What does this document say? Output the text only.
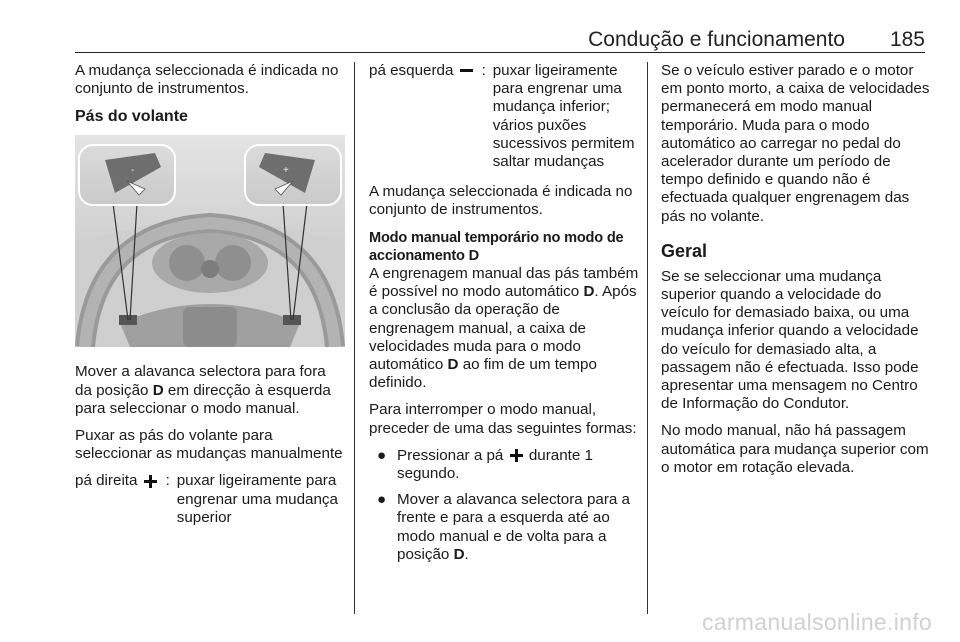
Condução e funcionamento 185

A mudança seleccionada é indicada no conjunto de instrumentos.

Pás do volante
-	+

Mover a alavanca selectora para fora da posição D em direcção à esquerda para seleccionar o modo manual.

Puxar as pás do volante para seleccionar as mudanças manualmente

pá direita	: puxar ligeiramente para engrenar uma mudança superior
pá esquerda	: puxar ligeiramente para engrenar uma mudança inferior; vários puxões sucessivos permitem saltar mudanças

A mudança seleccionada é indicada no conjunto de instrumentos.

Modo manual temporário no modo de accionamento D

A engrenagem manual das pás também é possível no modo automático D. Após a conclusão da operação de engrenagem manual, a caixa de velocidades muda para o modo automático D ao fim de um tempo definido.

Para interromper o modo manual, preceder de uma das seguintes formas:

● Pressionar a pá  durante 1 segundo.
● Mover a alavanca selectora para a frente e para a esquerda até ao modo manual e de volta para a posição D.

Se o veículo estiver parado e o motor em ponto morto, a caixa de velocidades permanecerá em modo manual temporário. Muda para o modo automático ao carregar no pedal do acelerador durante um período de tempo definido e quando não é efectuada qualquer engrenagem das pás no volante.

Geral

Se se seleccionar uma mudança superior quando a velocidade do veículo for demasiado baixa, ou uma mudança inferior quando a velocidade do veículo for demasiado alta, a passagem não é efectuada. Isso pode apresentar uma mensagem no Centro de Informação do Condutor.

No modo manual, não há passagem automática para mudança superior com o motor em rotação elevada.

carmanualsonline.info
